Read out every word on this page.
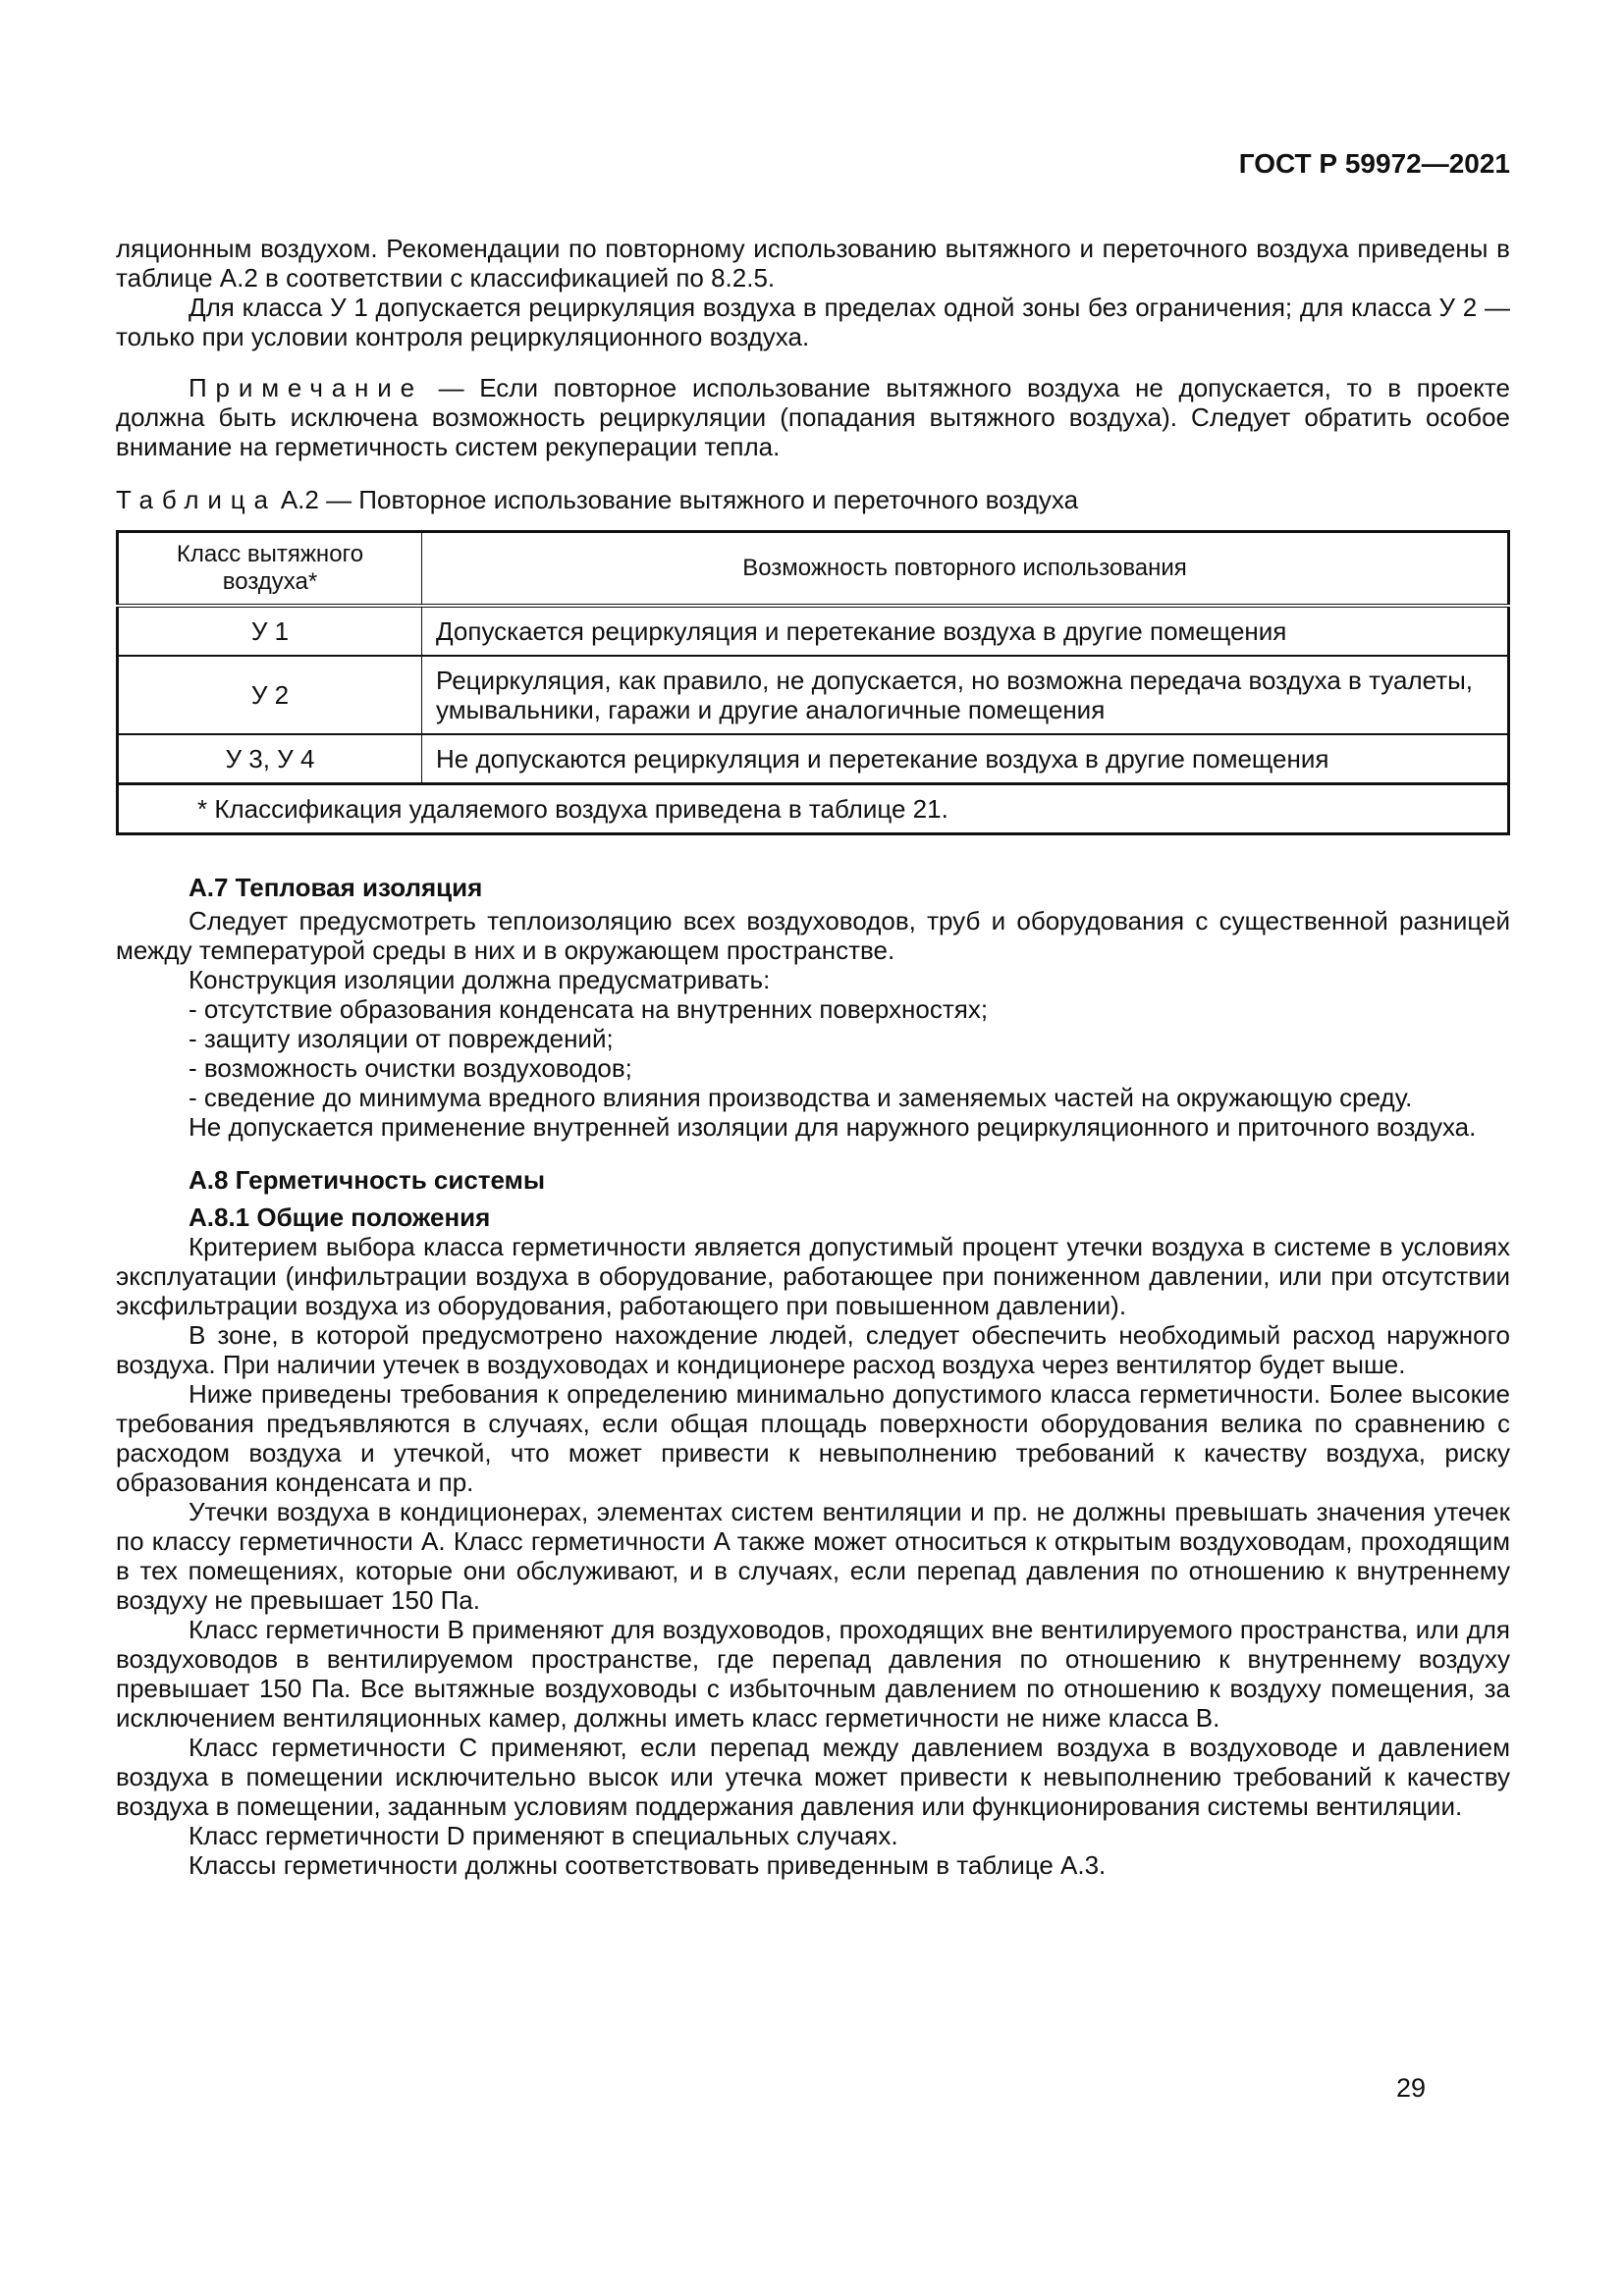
ГОСТ Р 59972—2021

ляционным воздухом. Рекомендации по повторному использованию вытяжного и переточного воздуха приведены в таблице А.2 в соответствии с классификацией по 8.2.5.

Для класса У 1 допускается рециркуляция воздуха в пределах одной зоны без ограничения; для класса У 2 — только при условии контроля рециркуляционного воздуха.

Примечание — Если повторное использование вытяжного воздуха не допускается, то в проекте должна быть исключена возможность рециркуляции (попадания вытяжного воздуха). Следует обратить особое внимание на герметичность систем рекуперации тепла.

Таблица А.2 — Повторное использование вытяжного и переточного воздуха

Класс вытяжного воздуха*	Возможность повторного использования
У 1	Допускается рециркуляция и перетекание воздуха в другие помещения
У 2	Рециркуляция, как правило, не допускается, но возможна передача воздуха в туалеты, умывальники, гаражи и другие аналогичные помещения
У 3, У 4	Не допускаются рециркуляция и перетекание воздуха в другие помещения
* Классификация удаляемого воздуха приведена в таблице 21.	

А.7 Тепловая изоляция

Следует предусмотреть теплоизоляцию всех воздуховодов, труб и оборудования с существенной разницей между температурой среды в них и в окружающем пространстве.

Конструкция изоляции должна предусматривать:

- отсутствие образования конденсата на внутренних поверхностях;

- защиту изоляции от повреждений;

- возможность очистки воздуховодов;

- сведение до минимума вредного влияния производства и заменяемых частей на окружающую среду.

Не допускается применение внутренней изоляции для наружного рециркуляционного и приточного воздуха.

А.8 Герметичность системы

А.8.1 Общие положения

Критерием выбора класса герметичности является допустимый процент утечки воздуха в системе в условиях эксплуатации (инфильтрации воздуха в оборудование, работающее при пониженном давлении, или при отсутствии эксфильтрации воздуха из оборудования, работающего при повышенном давлении).

В зоне, в которой предусмотрено нахождение людей, следует обеспечить необходимый расход наружного воздуха. При наличии утечек в воздуховодах и кондиционере расход воздуха через вентилятор будет выше.

Ниже приведены требования к определению минимально допустимого класса герметичности. Более высокие требования предъявляются в случаях, если общая площадь поверхности оборудования велика по сравнению с расходом воздуха и утечкой, что может привести к невыполнению требований к качеству воздуха, риску образования конденсата и пр.

Утечки воздуха в кондиционерах, элементах систем вентиляции и пр. не должны превышать значения утечек по классу герметичности A. Класс герметичности A также может относиться к открытым воздуховодам, проходящим в тех помещениях, которые они обслуживают, и в случаях, если перепад давления по отношению к внутреннему воздуху не превышает 150 Па.

Класс герметичности B применяют для воздуховодов, проходящих вне вентилируемого пространства, или для воздуховодов в вентилируемом пространстве, где перепад давления по отношению к внутреннему воздуху превышает 150 Па. Все вытяжные воздуховоды с избыточным давлением по отношению к воздуху помещения, за исключением вентиляционных камер, должны иметь класс герметичности не ниже класса B.

Класс герметичности C применяют, если перепад между давлением воздуха в воздуховоде и давлением воздуха в помещении исключительно высок или утечка может привести к невыполнению требований к качеству воздуха в помещении, заданным условиям поддержания давления или функционирования системы вентиляции.

Класс герметичности D применяют в специальных случаях.

Классы герметичности должны соответствовать приведенным в таблице А.3.

29
